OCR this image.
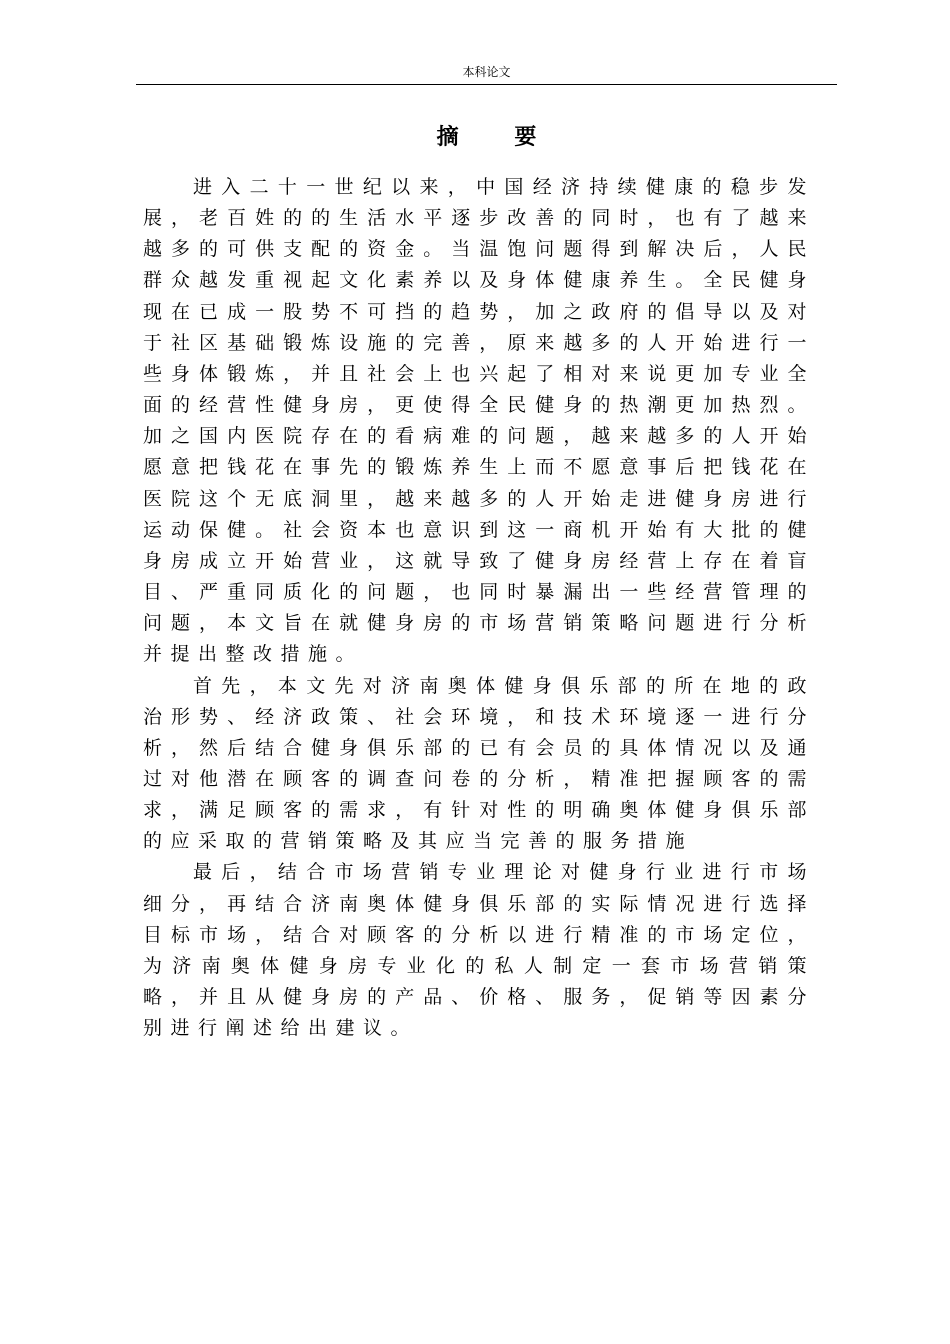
本科论文
摘 要

进入二十一世纪以来，中国经济持续健康的稳步发展，老百姓的的生活水平逐步改善的同时，也有了越来越多的可供支配的资金。当温饱问题得到解决后，人民群众越发重视起文化素养以及身体健康养生。全民健身现在已成一股势不可挡的趋势，加之政府的倡导以及对于社区基础锻炼设施的完善，原来越多的人开始进行一些身体锻炼，并且社会上也兴起了相对来说更加专业全面的经营性健身房，更使得全民健身的热潮更加热烈。加之国内医院存在的看病难的问题，越来越多的人开始愿意把钱花在事先的锻炼养生上而不愿意事后把钱花在医院这个无底洞里，越来越多的人开始走进健身房进行运动保健。社会资本也意识到这一商机开始有大批的健身房成立开始营业，这就导致了健身房经营上存在着盲目、严重同质化的问题，也同时暴漏出一些经营管理的问题，本文旨在就健身房的市场营销策略问题进行分析并提出整改措施。

首先，本文先对济南奥体健身俱乐部的所在地的政治形势、经济政策、社会环境，和技术环境逐一进行分析，然后结合健身俱乐部的已有会员的具体情况以及通过对他潜在顾客的调查问卷的分析，精准把握顾客的需求，满足顾客的需求，有针对性的明确奥体健身俱乐部的应采取的营销策略及其应当完善的服务措施

最后，结合市场营销专业理论对健身行业进行市场细分，再结合济南奥体健身俱乐部的实际情况进行选择目标市场，结合对顾客的分析以进行精准的市场定位，为济南奥体健身房专业化的私人制定一套市场营销策略，并且从健身房的产品、价格、服务，促销等因素分别进行阐述给出建议。
